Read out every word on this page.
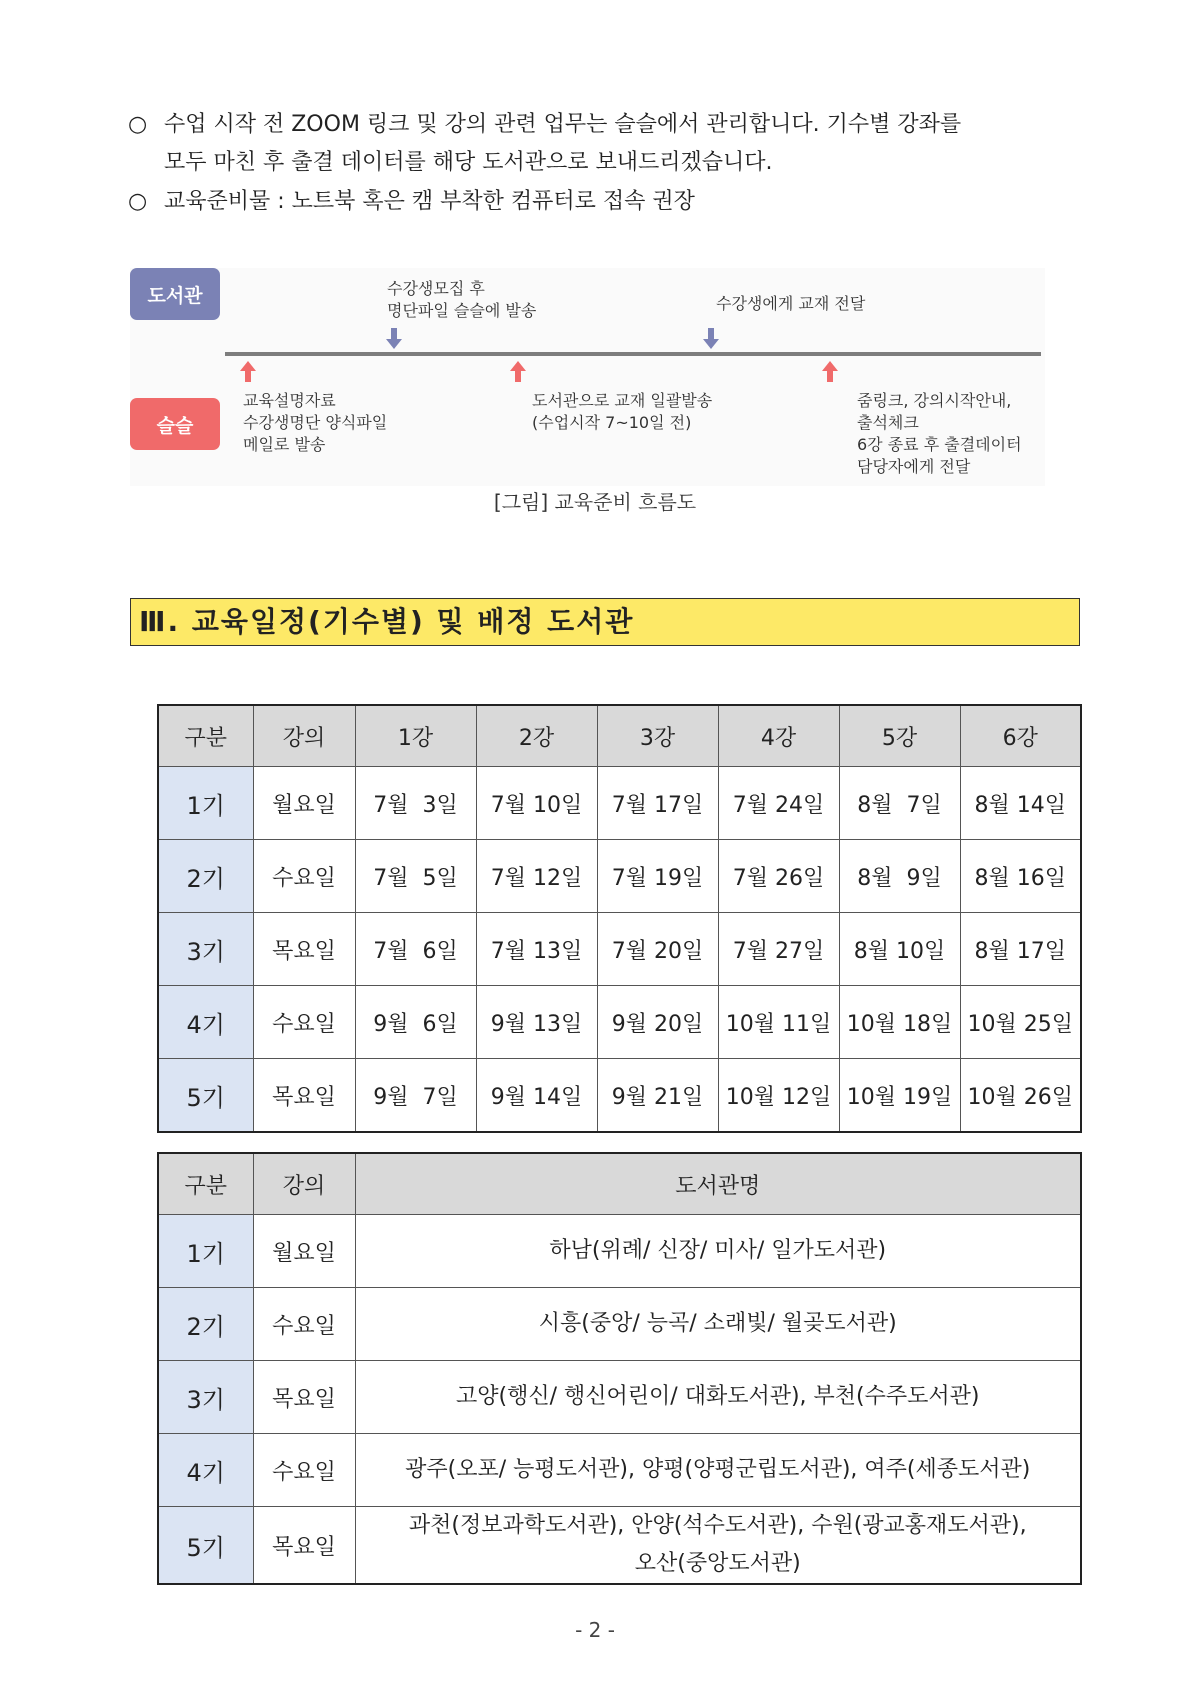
○ 수업 시작 전 ZOOM 링크 및 강의 관련 업무는 슬슬에서 관리합니다. 기수별 강좌를
모두 마친 후 출결 데이터를 해당 도서관으로 보내드리겠습니다.
○ 교육준비물 : 노트북 혹은 캠 부착한 컴퓨터로 접속 권장
도서관
슬슬
수강생모집 후
명단파일 슬슬에 발송	수강생에게 교재 전달
교육설명자료
수강생명단 양식파일
메일로 발송
도서관으로 교재 일괄발송
(수업시작 7~10일 전)
줌링크, 강의시작안내,
출석체크
6강 종료 후 출결데이터
담당자에게 전달
[그림] 교육준비 흐름도
Ⅲ. 교육일정(기수별) 및 배정 도서관
구분	강의	1강	2강	3강	4강	5강	6강
1기	월요일	7월  3일	7월 10일	7월 17일	7월 24일	8월  7일	8월 14일
2기	수요일	7월  5일	7월 12일	7월 19일	7월 26일	8월  9일	8월 16일
3기	목요일	7월  6일	7월 13일	7월 20일	7월 27일	8월 10일	8월 17일
4기	수요일	9월  6일	9월 13일	9월 20일	10월 11일	10월 18일	10월 25일
5기	목요일	9월  7일	9월 14일	9월 21일	10월 12일	10월 19일	10월 26일
구분	강의	도서관명
1기	월요일	하남(위례/ 신장/ 미사/ 일가도서관)
2기	수요일	시흥(중앙/ 능곡/ 소래빛/ 월곶도서관)
3기	목요일	고양(행신/ 행신어린이/ 대화도서관), 부천(수주도서관)
4기	수요일	광주(오포/ 능평도서관), 양평(양평군립도서관), 여주(세종도서관)
5기	목요일	과천(정보과학도서관), 안양(석수도서관), 수원(광교홍재도서관),
오산(중앙도서관)
- 2 -
